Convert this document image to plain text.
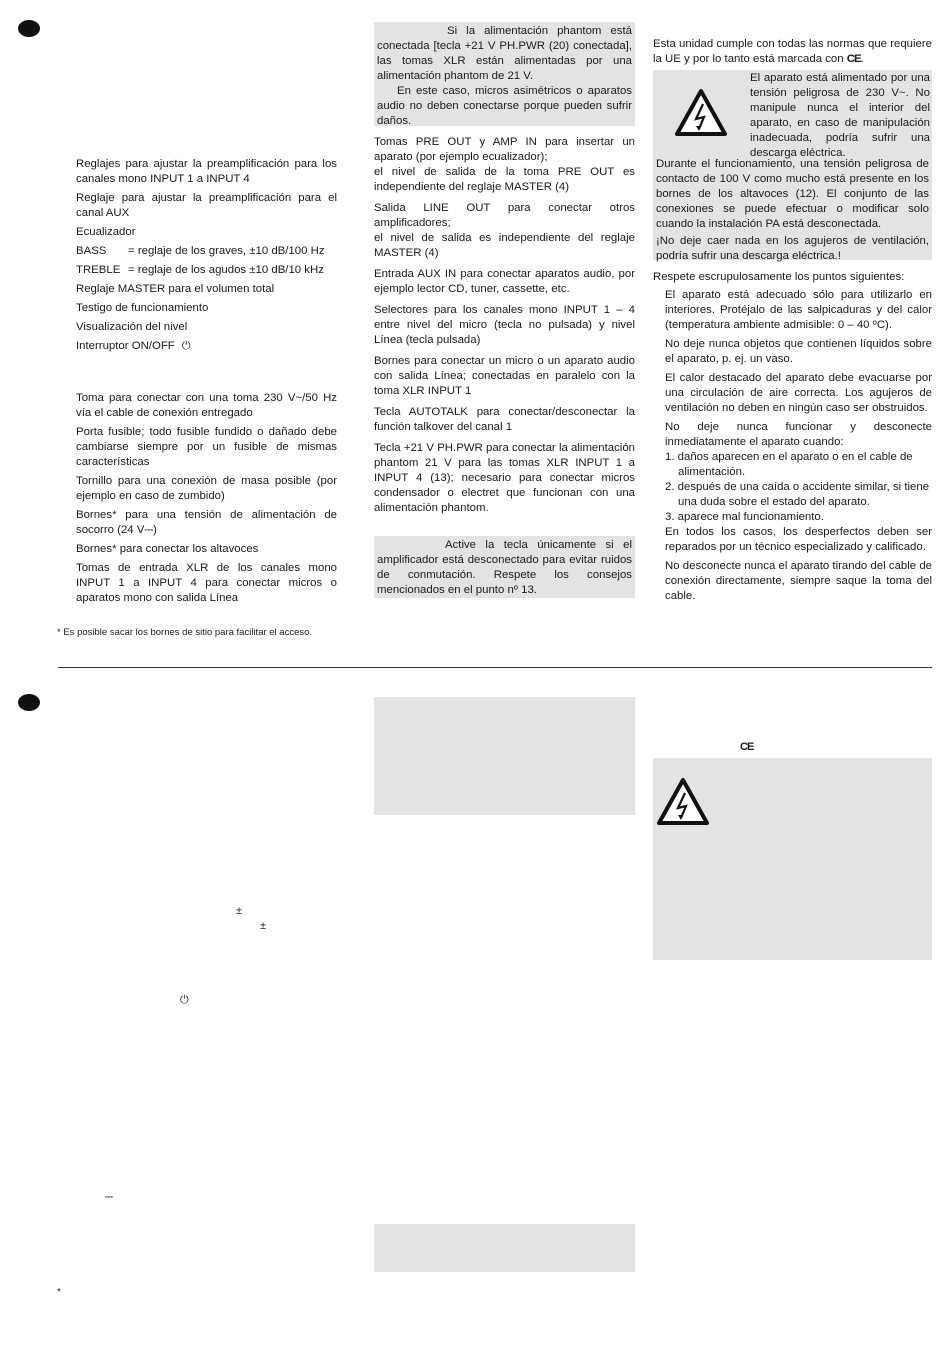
Reglajes para ajustar la preamplificación para los canales mono INPUT 1 a INPUT 4

Reglaje para ajustar la preamplificación para el canal AUX

Ecualizador

BASS = reglaje de los graves, ±10 dB/100 Hz

TREBLE = reglaje de los agudos ±10 dB/10 kHz

Reglaje MASTER para el volumen total

Testigo de funcionamiento

Visualización del nivel

Interruptor ON/OFF ⏻

Toma para conectar con una toma 230 V~/50 Hz vía el cable de conexión entregado

Porta fusible; todo fusible fundido o dañado debe cambiarse siempre por un fusible de mismas características

Tornillo para una conexión de masa posible (por ejemplo en caso de zumbido)

Bornes* para una tensión de alimentación de socorro (24 V⎓)

Bornes* para conectar los altavoces

Tomas de entrada XLR de los canales mono INPUT 1 a INPUT 4 para conectar micros o aparatos mono con salida Línea

* Es posible sacar los bornes de sitio para facilitar el acceso.

Si la alimentación phantom está conectada [tecla +21 V PH.PWR (20) conectada], las tomas XLR están alimentadas por una alimentación phantom de 21 V.

En este caso, micros asimétricos o aparatos audio no deben conectarse porque pueden sufrir daños.

Tomas PRE OUT y AMP IN para insertar un aparato (por ejemplo ecualizador);

el nivel de salida de la toma PRE OUT es independiente del reglaje MASTER (4)

Salida LINE OUT para conectar otros amplificadores;

el nivel de salida es independiente del reglaje MASTER (4)

Entrada AUX IN para conectar aparatos audio, por ejemplo lector CD, tuner, cassette, etc.

Selectores para los canales mono INPUT 1 – 4 entre nivel del micro (tecla no pulsada) y nivel Línea (tecla pulsada)

Bornes para conectar un micro o un aparato audio con salida Línea; conectadas en paralelo con la toma XLR INPUT 1

Tecla AUTOTALK para conectar/desconectar la función talkover del canal 1

Tecla +21 V PH.PWR para conectar la alimentación phantom 21 V para las tomas XLR INPUT 1 a INPUT 4 (13); necesario para conectar micros condensador o electret que funcionan con una alimentación phantom.

Active la tecla únicamente si el amplificador está desconectado para evitar ruidos de conmutación. Respete los consejos mencionados en el punto nº 13.

Esta unidad cumple con todas las normas que requiere la UE y por lo tanto está marcada con CE.

El aparato está alimentado por una tensión peligrosa de 230 V~. No manipule nunca el interior del aparato, en caso de manipulación inadecuada, podría sufrir una descarga eléctrica.

Durante el funcionamiento, una tensión peligrosa de contacto de 100 V como mucho está presente en los bornes de los altavoces (12). El conjunto de las conexiones se puede efectuar o modificar solo cuando la instalación PA está desconectada.

¡No deje caer nada en los agujeros de ventilación, podría sufrir una descarga eléctrica.!

Respete escrupulosamente los puntos siguientes:

El aparato está adecuado sólo para utilizarlo en interiores. Protéjalo de las salpicaduras y del calor (temperatura ambiente admisible: 0 – 40 ºC).

No deje nunca objetos que contienen líquidos sobre el aparato, p. ej. un vaso.

El calor destacado del aparato debe evacuarse por una circulación de aire correcta. Los agujeros de ventilación no deben en ningún caso ser obstruidos.

No deje nunca funcionar y desconecte inmediatamente el aparato cuando:

1. daños aparecen en el aparato o en el cable de alimentación.

2. después de una caída o accidente similar, si tiene una duda sobre el estado del aparato.

3. aparece mal funcionamiento.

En todos los casos, los desperfectos deben ser reparados por un técnico especializado y calificado.

No desconecte nunca el aparato tirando del cable de conexión directamente, siempre saque la toma del cable.

CE
±
±
⏻
⎓
*
